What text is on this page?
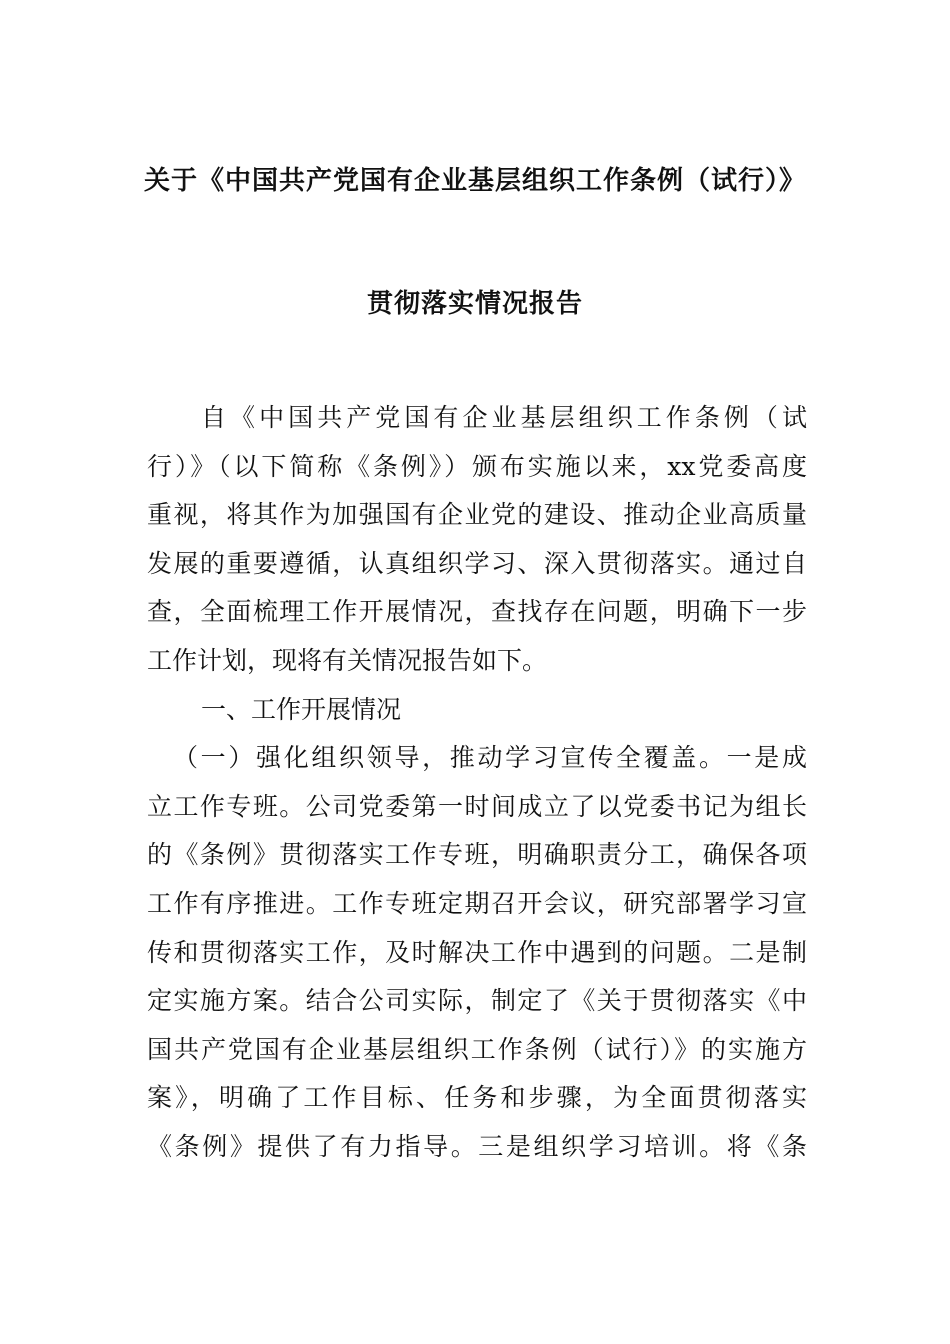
关于《中国共产党国有企业基层组织工作条例（试行）》
贯彻落实情况报告
自《中国共产党国有企业基层组织工作条例（试
行）》（以下简称《条例》）颁布实施以来，xx党委高度
重视，将其作为加强国有企业党的建设、推动企业高质量
发展的重要遵循，认真组织学习、深入贯彻落实。通过自
查，全面梳理工作开展情况，查找存在问题，明确下一步
工作计划，现将有关情况报告如下。
一、工作开展情况
（一）强化组织领导，推动学习宣传全覆盖。一是成
立工作专班。公司党委第一时间成立了以党委书记为组长
的《条例》贯彻落实工作专班，明确职责分工，确保各项
工作有序推进。工作专班定期召开会议，研究部署学习宣
传和贯彻落实工作，及时解决工作中遇到的问题。二是制
定实施方案。结合公司实际，制定了《关于贯彻落实《中
国共产党国有企业基层组织工作条例（试行）》的实施方
案》，明确了工作目标、任务和步骤，为全面贯彻落实
《条例》提供了有力指导。三是组织学习培训。将《条
